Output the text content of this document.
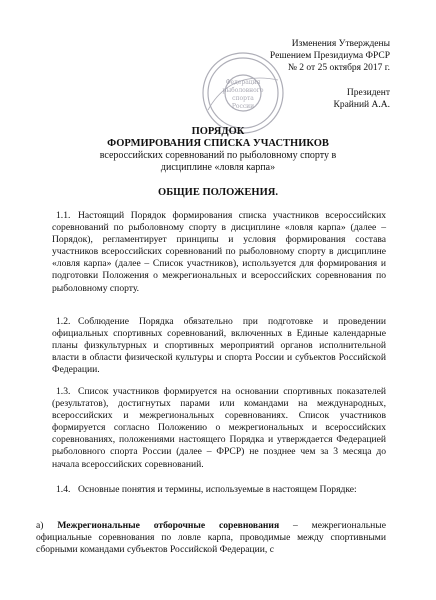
Изменения Утверждены
Решением Президиума ФРСР
№ 2 от 25 октября 2017 г.
Президент
Крайний А.А.
Федерация
рыболовного
спорта
России
ПОРЯДОК
ФОРМИРОВАНИЯ СПИСКА УЧАСТНИКОВ
всероссийских соревнований по рыболовному спорту в
дисциплине «ловля карпа»
ОБЩИЕ ПОЛОЖЕНИЯ.

1.1. Настоящий Порядок формирования списка участников всероссийских соревнований по рыболовному спорту в дисциплине «ловля карпа» (далее – Порядок), регламентирует принципы и условия формирования состава участников всероссийских соревнований по рыболовному спорту в дисциплине «ловля карпа» (далее – Список участников), используется для формирования и подготовки Положения о межрегиональных и всероссийских соревнования по рыболовному спорту.

1.2. Соблюдение Порядка обязательно при подготовке и проведении официальных спортивных соревнований, включенных в Единые календарные планы физкультурных и спортивных мероприятий органов исполнительной власти в области физической культуры и спорта России и субъектов Российской Федерации.

1.3. Список участников формируется на основании спортивных показателей (результатов), достигнутых парами или командами на международных, всероссийских и межрегиональных соревнованиях. Список участников формируется согласно Положению о межрегиональных и всероссийских соревнованиях, положениями настоящего Порядка и утверждается Федерацией рыболовного спорта России (далее – ФРСР) не позднее чем за 3 месяца до начала всероссийских соревнований.

1.4. Основные понятия и термины, используемые в настоящем Порядке:

а) Межрегиональные отборочные соревнования – межрегиональные официальные соревнования по ловле карпа, проводимые между спортивными сборными командами субъектов Российской Федерации, с
